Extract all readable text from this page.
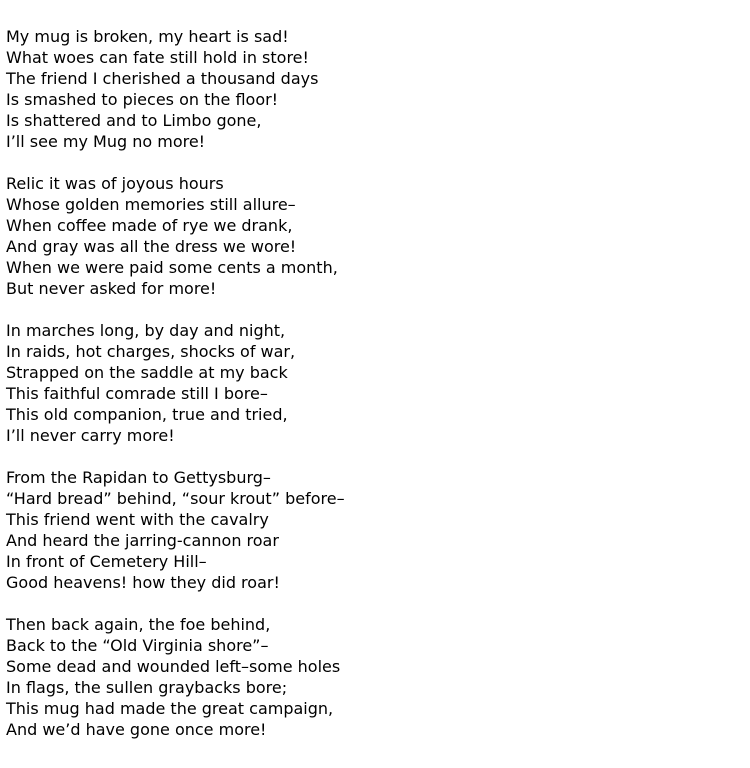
My mug is broken, my heart is sad!
What woes can fate still hold in store!
The friend I cherished a thousand days
Is smashed to pieces on the floor!
Is shattered and to Limbo gone,
I’ll see my Mug no more!
Relic it was of joyous hours
Whose golden memories still allure–
When coffee made of rye we drank,
And gray was all the dress we wore!
When we were paid some cents a month,
But never asked for more!
In marches long, by day and night,
In raids, hot charges, shocks of war,
Strapped on the saddle at my back
This faithful comrade still I bore–
This old companion, true and tried,
I’ll never carry more!
From the Rapidan to Gettysburg–
“Hard bread” behind, “sour krout” before–
This friend went with the cavalry
And heard the jarring-cannon roar
In front of Cemetery Hill–
Good heavens! how they did roar!
Then back again, the foe behind,
Back to the “Old Virginia shore”–
Some dead and wounded left–some holes
In flags, the sullen graybacks bore;
This mug had made the great campaign,
And we’d have gone once more!
